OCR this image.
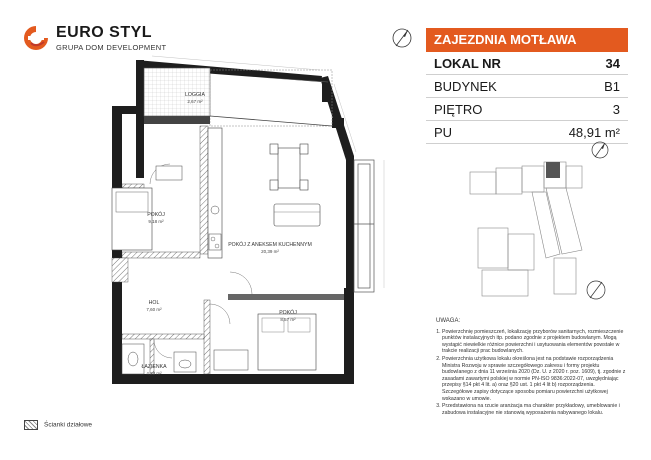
EURO STYL
GRUPA DOM DEVELOPMENT
LOGGIA
2,67 m²
POKÓJ
9,18 m²
POKÓJ Z ANEKSEM KUCHENNYM
20,39 m²
HOL
7,60 m²
POKÓJ
8,57 m²
ŁAZIENKA
4,23 m²
ZAJEZDNIA MOTŁAWA
LOKAL NR	34
BUDYNEK	B1
PIĘTRO	3
PU	48,91 m²
UWAGA:
1. Powierzchnię pomieszczeń, lokalizację przyborów sanitarnych, rozmieszczenie punktów instalacyjnych itp. podano zgodnie z projektem budowlanym. Mogą wystąpić niewielkie różnice powierzchni i usytuowania elementów powstałe w trakcie realizacji prac budowlanych.
2. Powierzchnia użytkowa lokalu określona jest na podstawie rozporządzenia Ministra Rozwoju w sprawie szczegółowego zakresu i formy projektu budowlanego z dnia 11 września 2020 (Dz. U. z 2020 r. poz. 1609), tj. zgodnie z zasadami zawartymi polskiej w normie PN-ISO 9836:2022-07, uwzględniając przepisy §14 pkt 4 lit. a) oraz §20 ust. 1 pkt 4 lit b) rozporządzenia. Szczegółowe zapisy dotyczące sposobu pomiaru powierzchni użytkowej wskazano w umowie.
3. Przedstawiona na rzucie aranżacja ma charakter przykładowy, umeblowanie i zabudowa instalacyjne nie stanowią wyposażenia nabywanego lokalu.
Ścianki działowe
